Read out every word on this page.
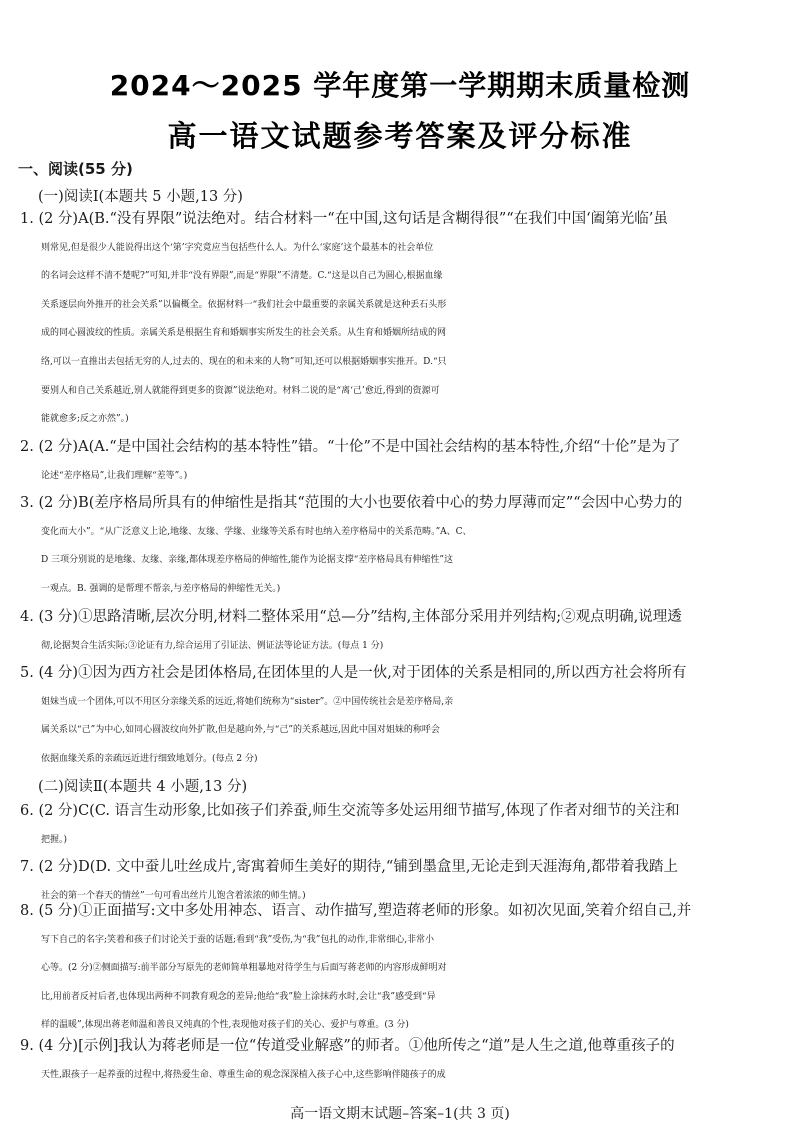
2024～2025 学年度第一学期期末质量检测
高一语文试题参考答案及评分标准
一、阅读(55 分)
(一)阅读Ⅰ(本题共 5 小题,13 分)
1. (2 分)A(B.“没有界限”说法绝对。结合材料一“在中国,这句话是含糊得很”“在我们中国‘阖第光临’虽
则常见,但是很少人能说得出这个‘第’字究竟应当包括些什么人。为什么‘家庭’这个最基本的社会单位
的名词会这样不清不楚呢?”可知,并非“没有界限”,而是“界限”不清楚。C.“这是以自己为圆心,根据血缘
关系逐层向外推开的社会关系”以偏概全。依据材料一“我们社会中最重要的亲属关系就是这种丢石头形
成的同心圆波纹的性质。亲属关系是根据生育和婚姻事实所发生的社会关系。从生育和婚姻所结成的网
络,可以一直推出去包括无穷的人,过去的、现在的和未来的人物”可知,还可以根据婚姻事实推开。D.“只
要别人和自己关系越近,别人就能得到更多的资源”说法绝对。材料二说的是“离‘己’愈近,得到的资源可
能就愈多;反之亦然”。)
2. (2 分)A(A.“是中国社会结构的基本特性”错。“十伦”不是中国社会结构的基本特性,介绍“十伦”是为了
论述“差序格局”,让我们理解“差等”。)
3. (2 分)B(差序格局所具有的伸缩性是指其“范围的大小也要依着中心的势力厚薄而定”“会因中心势力的
变化而大小”。“从广泛意义上论,地缘、友缘、学缘、业缘等关系有时也纳入差序格局中的关系范畴。”A、C、
D 三项分别说的是地缘、友缘、亲缘,都体现差序格局的伸缩性,能作为论据支撑“差序格局具有伸缩性”这
一观点。B. 强调的是帮理不帮亲,与差序格局的伸缩性无关。)
4. (3 分)①思路清晰,层次分明,材料二整体采用“总—分”结构,主体部分采用并列结构;②观点明确,说理透
彻,论据契合生活实际;③论证有力,综合运用了引证法、例证法等论证方法。(每点 1 分)
5. (4 分)①因为西方社会是团体格局,在团体里的人是一伙,对于团体的关系是相同的,所以西方社会将所有
姐妹当成一个团体,可以不用区分亲缘关系的远近,将她们统称为“sister”。②中国传统社会是差序格局,亲
属关系以“己”为中心,如同心圆波纹向外扩散,但是越向外,与“己”的关系越远,因此中国对姐妹的称呼会
依据血缘关系的亲疏远近进行细致地划分。(每点 2 分)
(二)阅读Ⅱ(本题共 4 小题,13 分)
6. (2 分)C(C. 语言生动形象,比如孩子们养蚕,师生交流等多处运用细节描写,体现了作者对细节的关注和
把握。)
7. (2 分)D(D. 文中蚕儿吐丝成片,寄寓着师生美好的期待,“铺到墨盒里,无论走到天涯海角,都带着我踏上
社会的第一个春天的情丝”一句可看出丝片儿饱含着浓浓的师生情。)
8. (5 分)①正面描写:文中多处用神态、语言、动作描写,塑造蒋老师的形象。如初次见面,笑着介绍自己,并
写下自己的名字;笑着和孩子们讨论关于蚕的话题;看到“我”受伤,为“我”包扎的动作,非常细心,非常小
心等。(2 分)②侧面描写:前半部分写原先的老师简单粗暴地对待学生与后面写蒋老师的内容形成鲜明对
比,用前者反衬后者,也体现出两种不同教育观念的差异;他给“我”脸上涂抹药水时,会让“我”感受到“异
样的温暖”,体现出蒋老师温和善良又纯真的个性,表现他对孩子们的关心、爱护与尊重。(3 分)
9. (4 分)[示例]我认为蒋老师是一位“传道受业解惑”的师者。①他所传之“道”是人生之道,他尊重孩子的
天性,跟孩子一起养蚕的过程中,将热爱生命、尊重生命的观念深深植入孩子心中,这些影响伴随孩子的成
高一语文期末试题–答案–1(共 3 页)
